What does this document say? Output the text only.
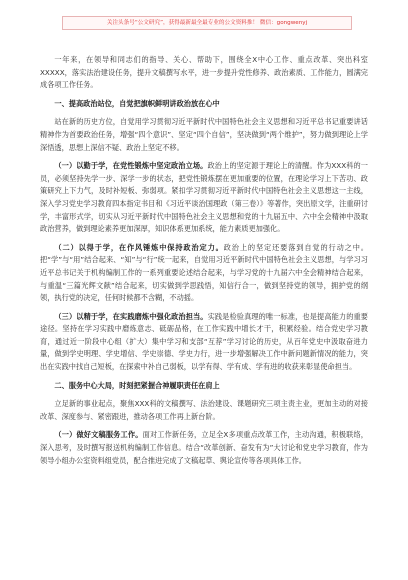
关注头条号“公文研究”，获得最新最全最专业的公文资料推！ 微信：gongwenyj
一年来，在领导和同志们的指导、关心、帮助下，围绕全X中心工作、重点改革、突出科室XXXXX，落实法治建设任务，提升文稿撰写水平，进一步提升党性修养、政治素质、工作能力，圆满完成各项工作任务。
一、提高政治站位，自觉把旗帜鲜明讲政治放在心中
站在新的历史方位，自觉用学习贯彻习近平新时代中国特色社会主义思想和习近平总书记重要讲话精神作为首要政治任务，增强“四个意识”、坚定“四个自信”，坚决做到“两个维护”，努力做到理论上学深悟透，思想上深信不疑、政治上坚定不移。
（一）以勤于学，在党性锻炼中坚定政治立场。政治上的坚定源于理论上的清醒。作为XXX科的一员，必须坚持先学一步、深学一步的状态，把党性锻炼摆在更加重要的位置，在理论学习上下苦功、政策研究上下力气，及时补短板、弥弱项。紧扣学习贯彻习近平新时代中国特色社会主义思想这一主线，深入学习党史学习教育四本指定书目和《习近平谈治国理政（第三卷）》等著作，突出原文学，注重研讨学，丰富形式学，切实从习近平新时代中国特色社会主义思想和党的十九届五中、六中全会精神中汲取政治营养，做到理论素养更加深厚，知识体系更加系统，能力素质更加强化。
（二）以得于学，在作风锤炼中保持政治定力。政治上的坚定还要落到自觉的行动之中。把“学”与“用”结合起来、“知”与“行”统一起来，自觉用习近平新时代中国特色社会主义思想，与学习习近平总书记关于机构编制工作的一系列重要论述结合起来，与学习党的十九届六中全会精神结合起来，与重温“三篇光辉文献”结合起来，切实做到学思践悟，知信行合一，做到坚持党的领导，拥护党的纲领，执行党的决定，任何时候都不含糊，不动摇。
（三）以精于学，在实践磨炼中强化政治担当。实践是检验真理的唯一标准，也是提高能力的重要途径。坚持在学习实践中磨炼意志、砥砺品格，在工作实践中增长才干，积累经验。结合党史学习教育，通过近一阶段中心组（扩大）集中学习和支部“互荐”学习讨论的历史，从百年党史中汲取奋进力量，做到学史明理、学史增信、学史崇德、学史力行，进一步增强解决工作中新问题新情况的能力，突出在实践中找自己短板，在探索中补自己弱板，以学有得、学有成、学有进的收获来彰显使命担当。
二、服务中心大局，时刻把紧握合神履职责任在肩上
立足新的事业起点，聚焦XXX科的文稿撰写、法治建设、课题研究三项主责主业，更加主动的对接改革、深度参与、紧密跟进，推动各项工作再上新台阶。
（一）做好文稿服务工作。面对工作新任务，立足全X多项重点改革工作，主动沟通，积极联络，深入思考，及时撰写报送机构编制工作信息。结合“改革创新、奋发有为”大讨论和党史学习教育，作为领导小组办公室资料组党员，配合推进完成了文稿起草、舆论宣传等各项具体工作。
